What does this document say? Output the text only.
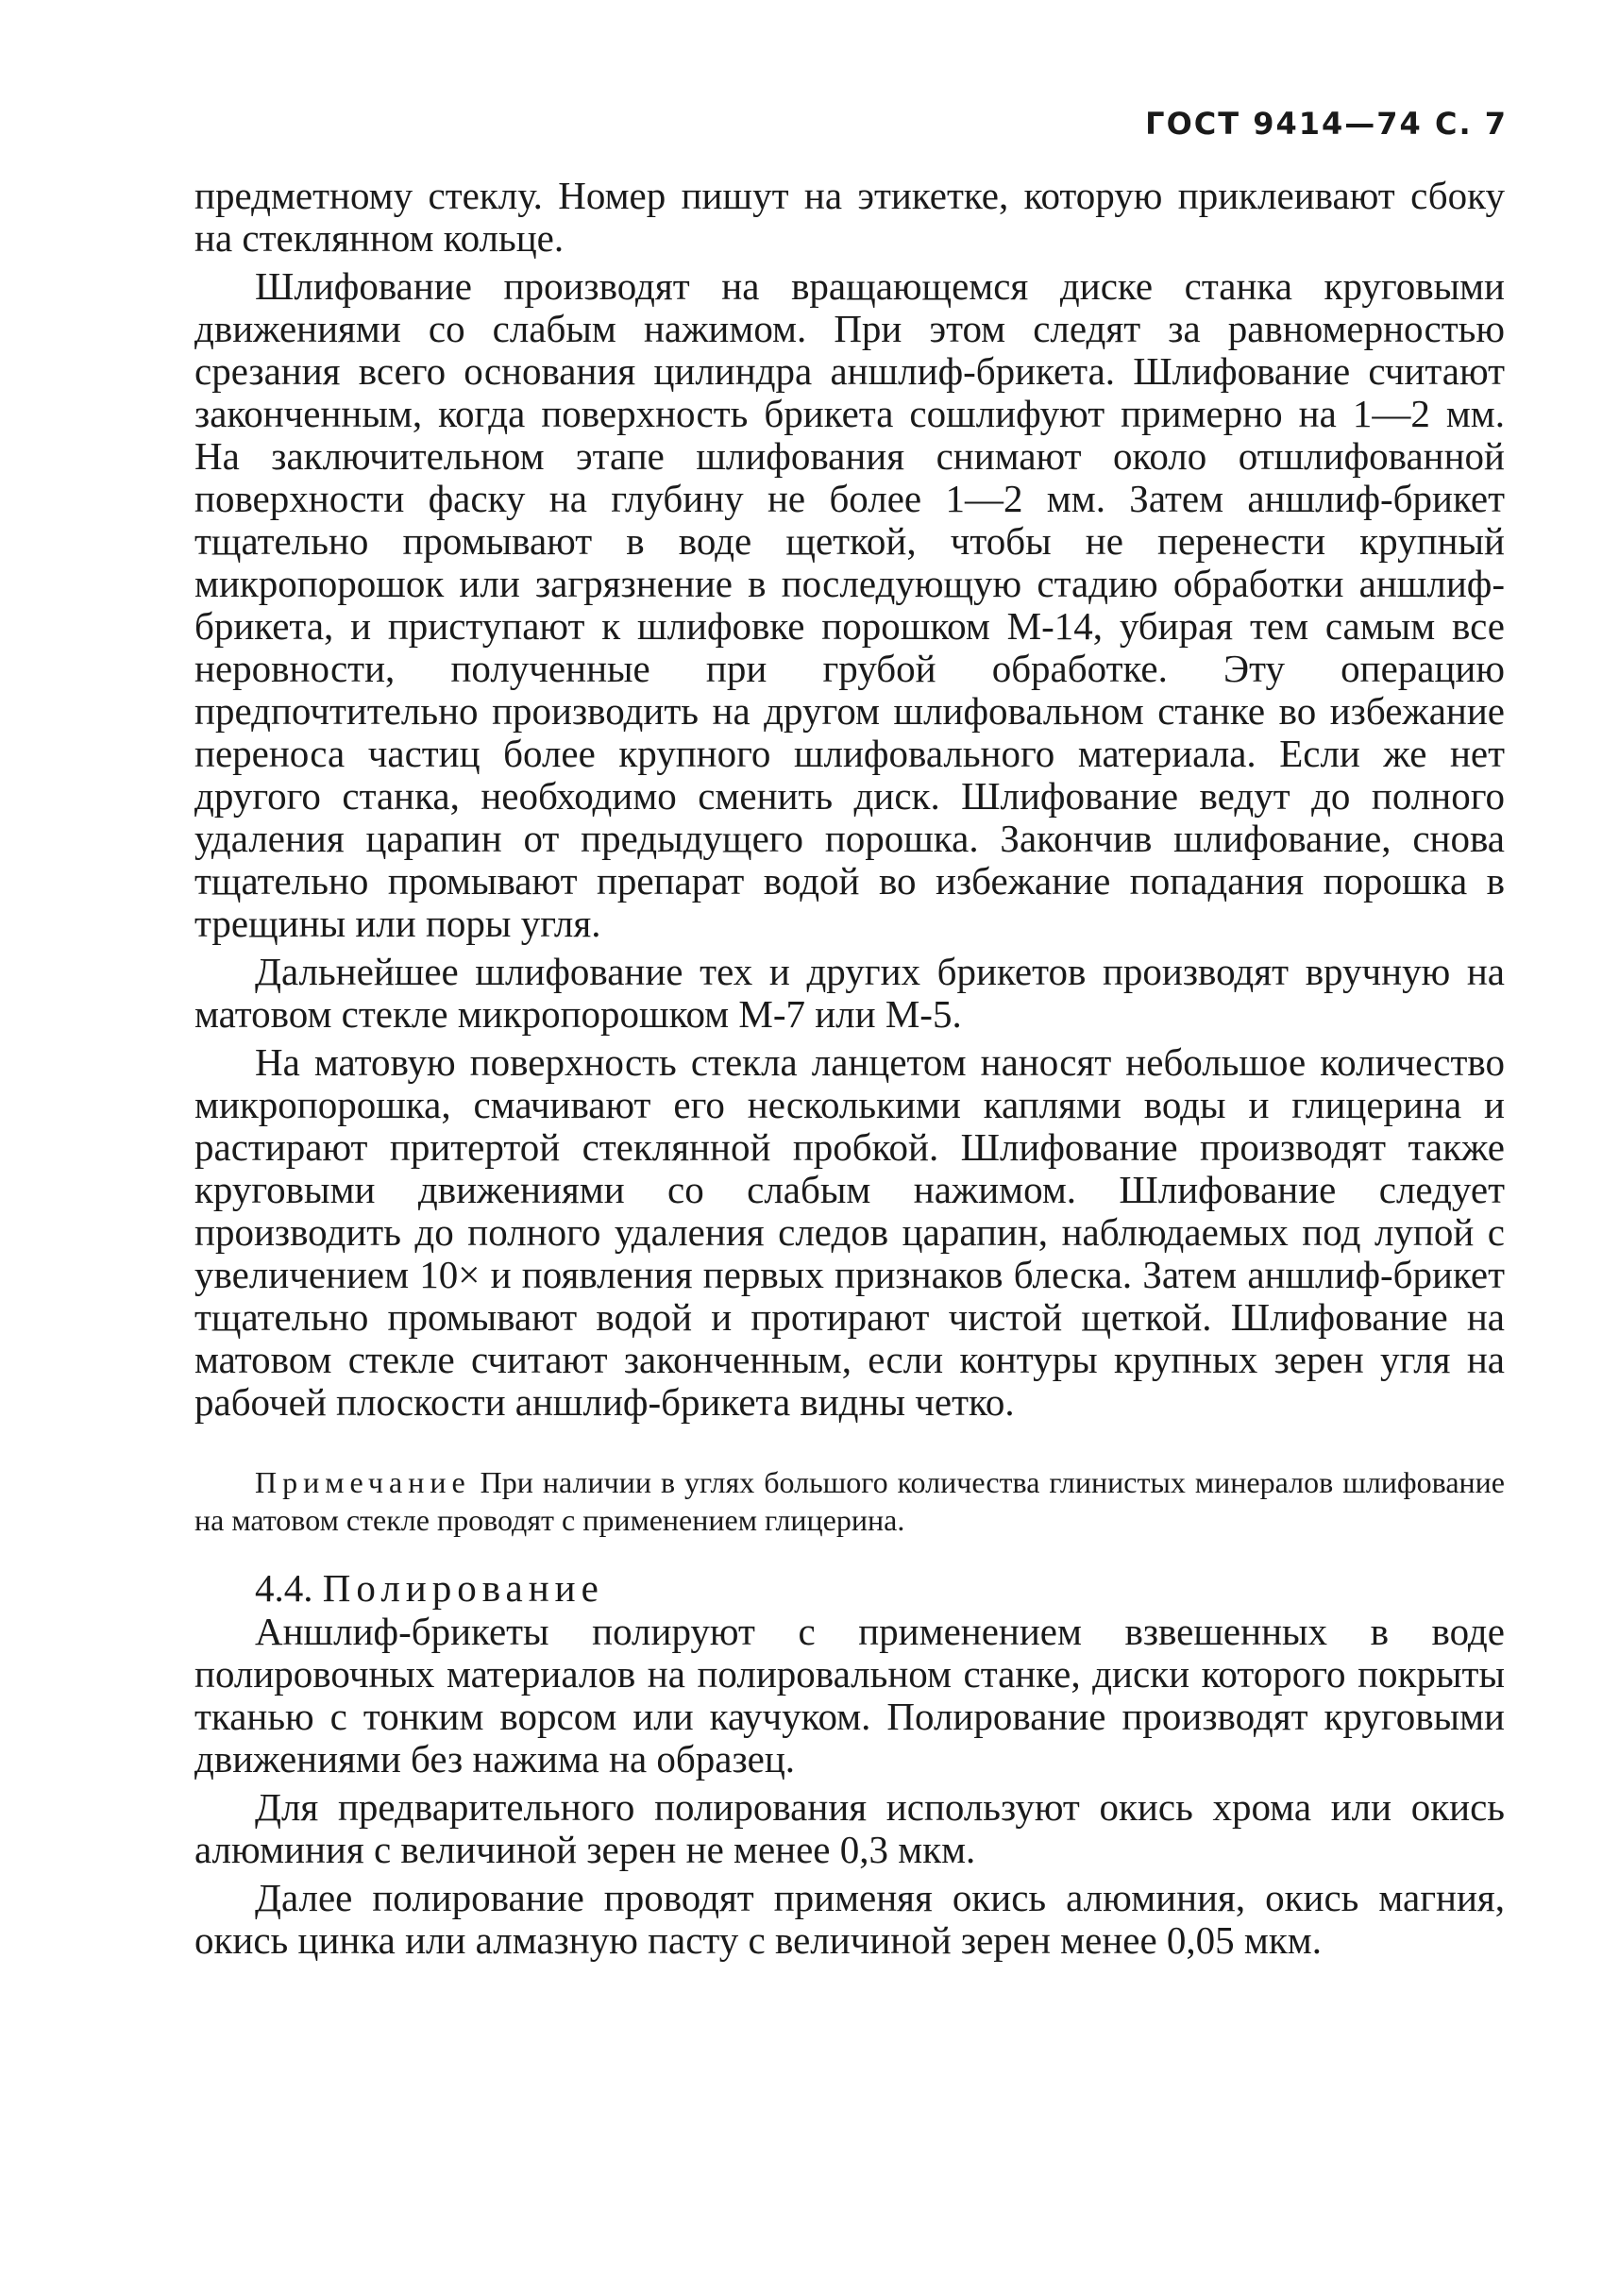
ГОСТ 9414—74 С. 7

предметному стеклу. Номер пишут на этикетке, которую приклеивают сбоку на стеклянном кольце.

Шлифование производят на вращающемся диске станка круговыми движениями со слабым нажимом. При этом следят за равномерностью срезания всего основания цилиндра аншлиф-брикета. Шлифование считают законченным, когда поверхность брикета сошлифуют примерно на 1—2 мм. На заключительном этапе шлифования снимают около отшлифованной поверхности фаску на глубину не более 1—2 мм. Затем аншлиф-брикет тщательно промывают в воде щеткой, чтобы не перенести крупный микропорошок или загрязнение в последующую стадию обработки аншлиф-брикета, и приступают к шлифовке порошком М-14, убирая тем самым все неровности, полученные при грубой обработке. Эту операцию предпочтительно производить на другом шлифовальном станке во избежание переноса частиц более крупного шлифовального материала. Если же нет другого станка, необходимо сменить диск. Шлифование ведут до полного удаления царапин от предыдущего порошка. Закончив шлифование, снова тщательно промывают препарат водой во избежание попадания порошка в трещины или поры угля.

Дальнейшее шлифование тех и других брикетов производят вручную на матовом стекле микропорошком М-7 или М-5.

На матовую поверхность стекла ланцетом наносят небольшое количество микропорошка, смачивают его несколькими каплями воды и глицерина и растирают притертой стеклянной пробкой. Шлифование производят также круговыми движениями со слабым нажимом. Шлифование следует производить до полного удаления следов царапин, наблюдаемых под лупой с увеличением 10× и появления первых признаков блеска. Затем аншлиф-брикет тщательно промывают водой и протирают чистой щеткой. Шлифование на матовом стекле считают законченным, если контуры крупных зерен угля на рабочей плоскости аншлиф-брикета видны четко.

Примечание При наличии в углях большого количества глинистых минералов шлифование на матовом стекле проводят с применением глицерина.
4.4. Полирование

Аншлиф-брикеты полируют с применением взвешенных в воде полировочных материалов на полировальном станке, диски которого покрыты тканью с тонким ворсом или каучуком. Полирование производят круговыми движениями без нажима на образец.

Для предварительного полирования используют окись хрома или окись алюминия с величиной зерен не менее 0,3 мкм.

Далее полирование проводят применяя окись алюминия, окись магния, окись цинка или алмазную пасту с величиной зерен менее 0,05 мкм.
